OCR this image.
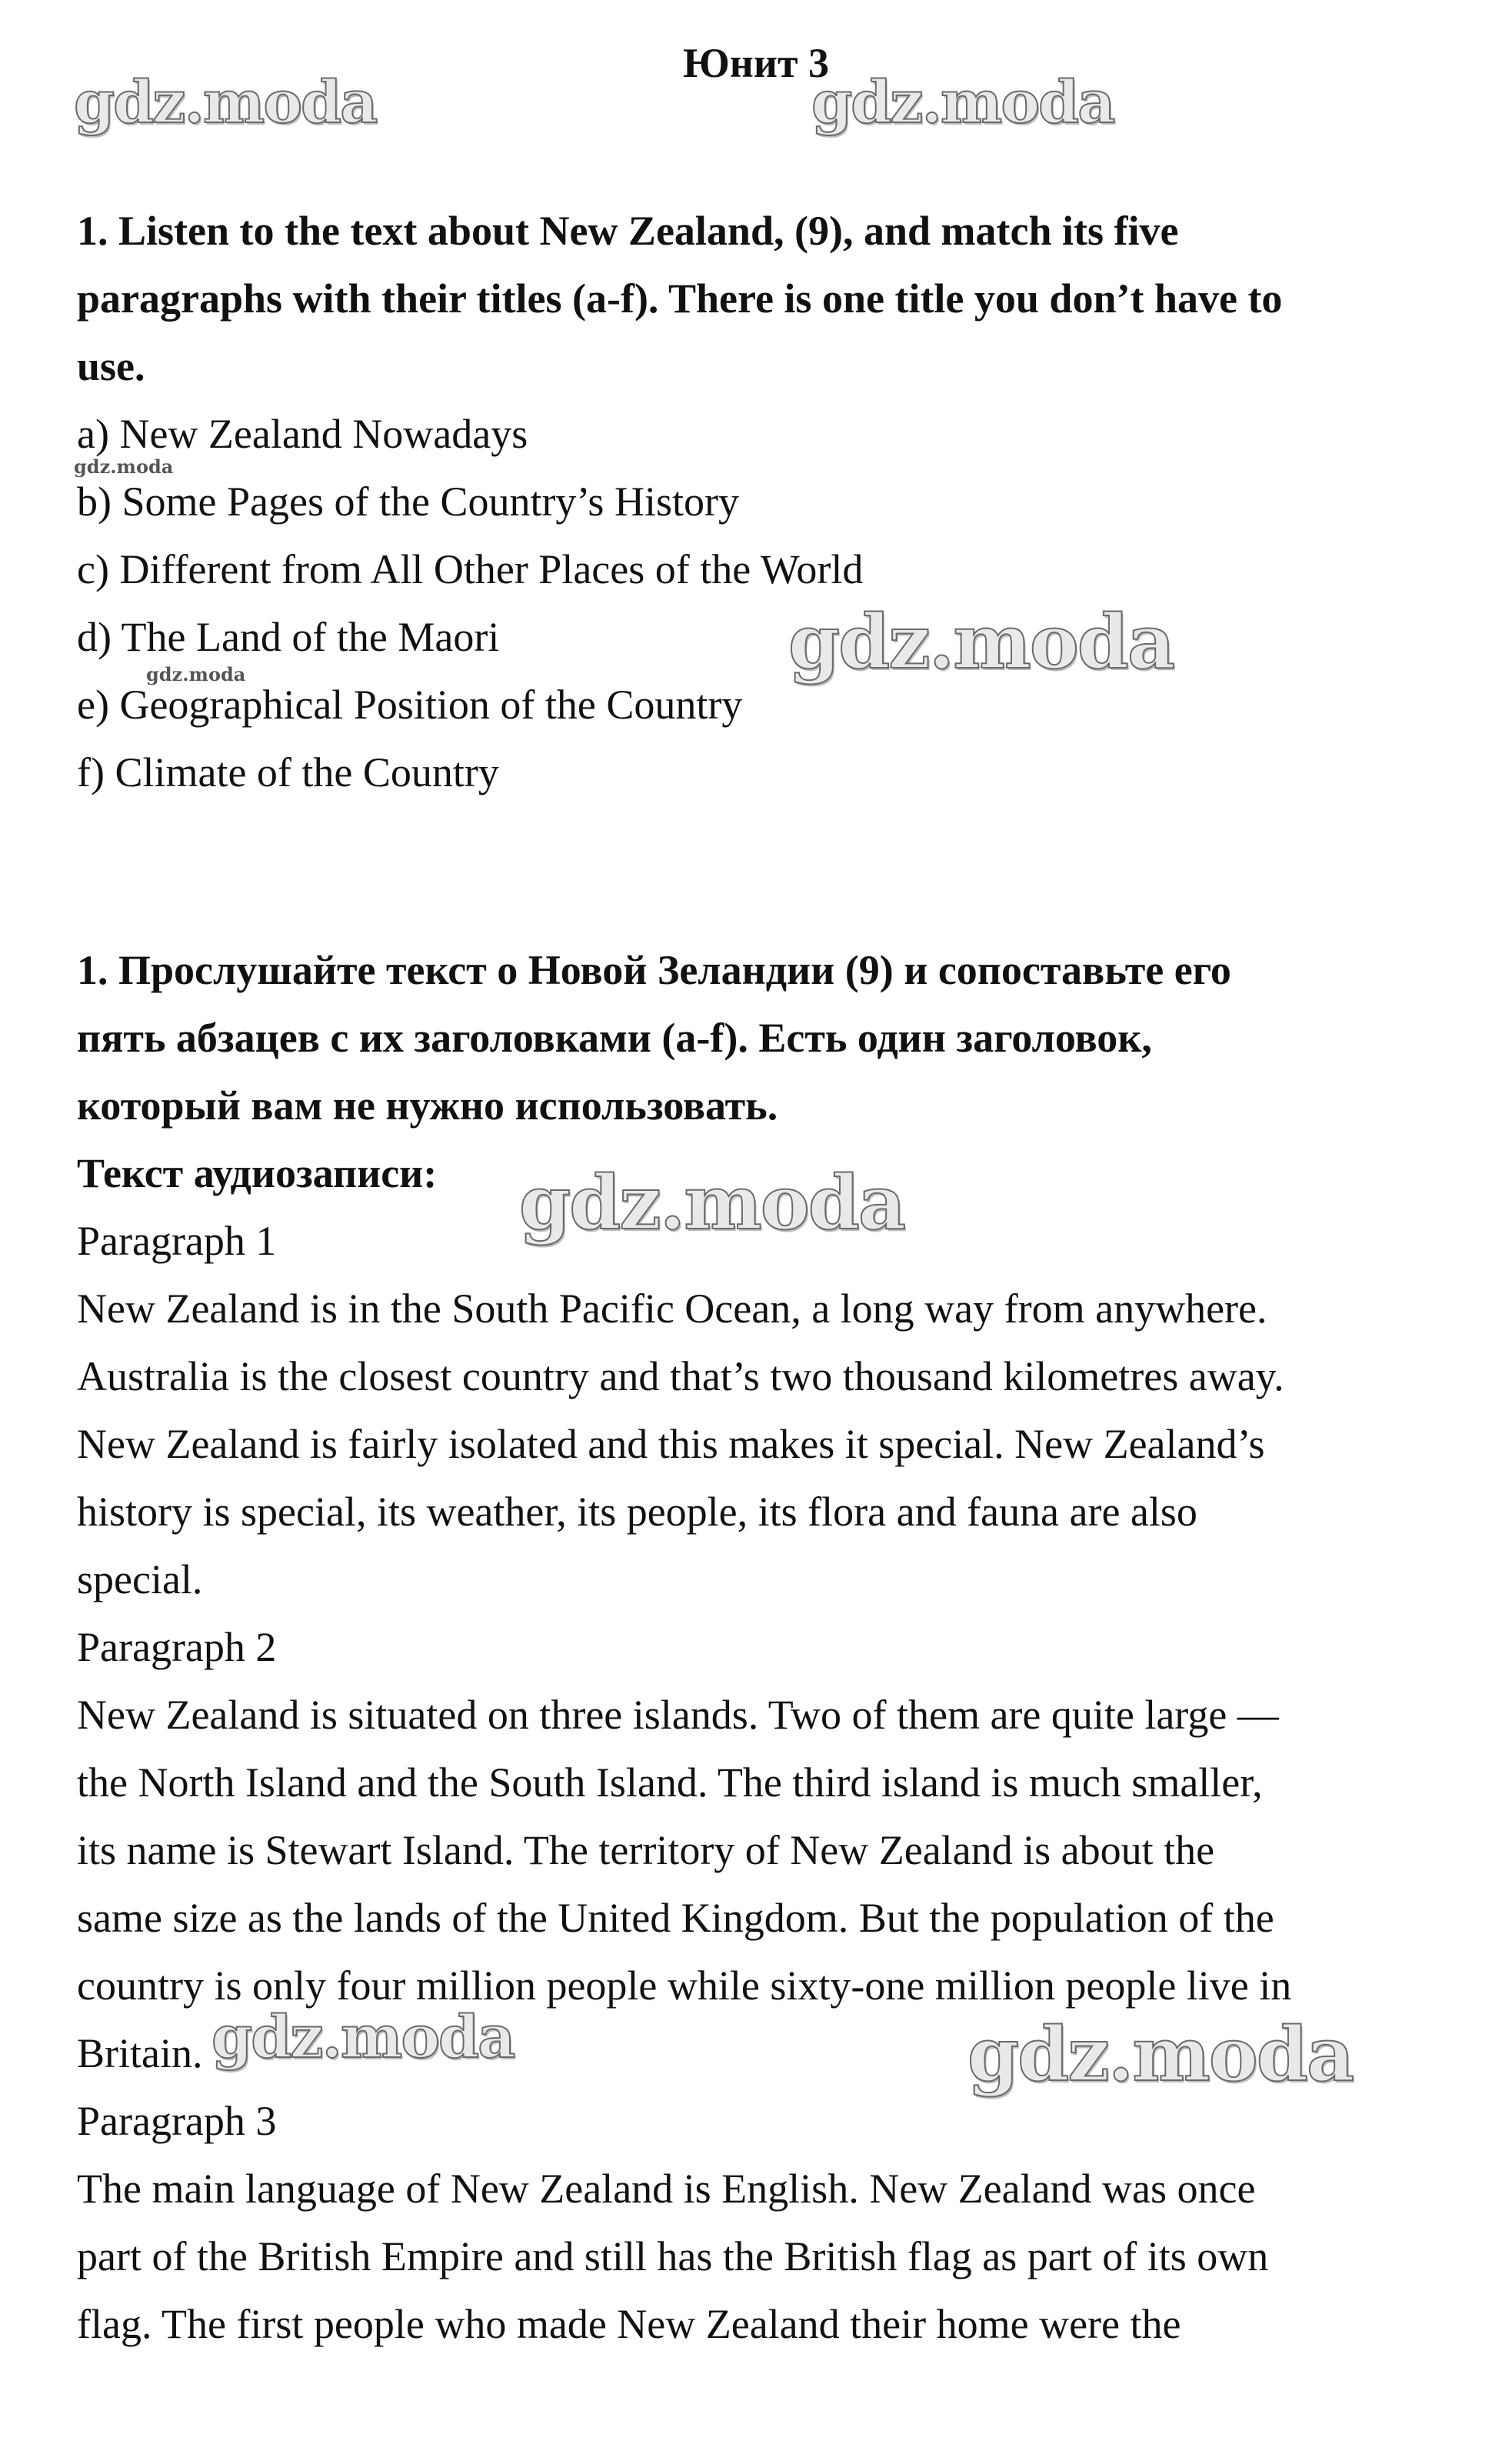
Юнит 3
1. Listen to the text about New Zealand, (9), and match its five
paragraphs with their titles (a-f). There is one title you don’t have to
use.
a) New Zealand Nowadays
b) Some Pages of the Country’s History
c) Different from All Other Places of the World
d) The Land of the Maori
e) Geographical Position of the Country
f) Climate of the Country
1. Прослушайте текст о Новой Зеландии (9) и сопоставьте его
пять абзацев с их заголовками (a-f). Есть один заголовок,
который вам не нужно использовать.
Текст аудиозаписи:
Paragraph 1
New Zealand is in the South Pacific Ocean, a long way from anywhere.
Australia is the closest country and that’s two thousand kilometres away.
New Zealand is fairly isolated and this makes it special. New Zealand’s
history is special, its weather, its people, its flora and fauna are also
special.
Paragraph 2
New Zealand is situated on three islands. Two of them are quite large —
the North Island and the South Island. The third island is much smaller,
its name is Stewart Island. The territory of New Zealand is about the
same size as the lands of the United Kingdom. But the population of the
country is only four million people while sixty-one million people live in
Britain.
Paragraph 3
The main language of New Zealand is English. New Zealand was once
part of the British Empire and still has the British flag as part of its own
flag. The first people who made New Zealand their home were the
gdz.moda	gdz.moda
gdz.moda
gdz.moda
gdz.moda
gdz.moda
gdz.moda	gdz.moda
